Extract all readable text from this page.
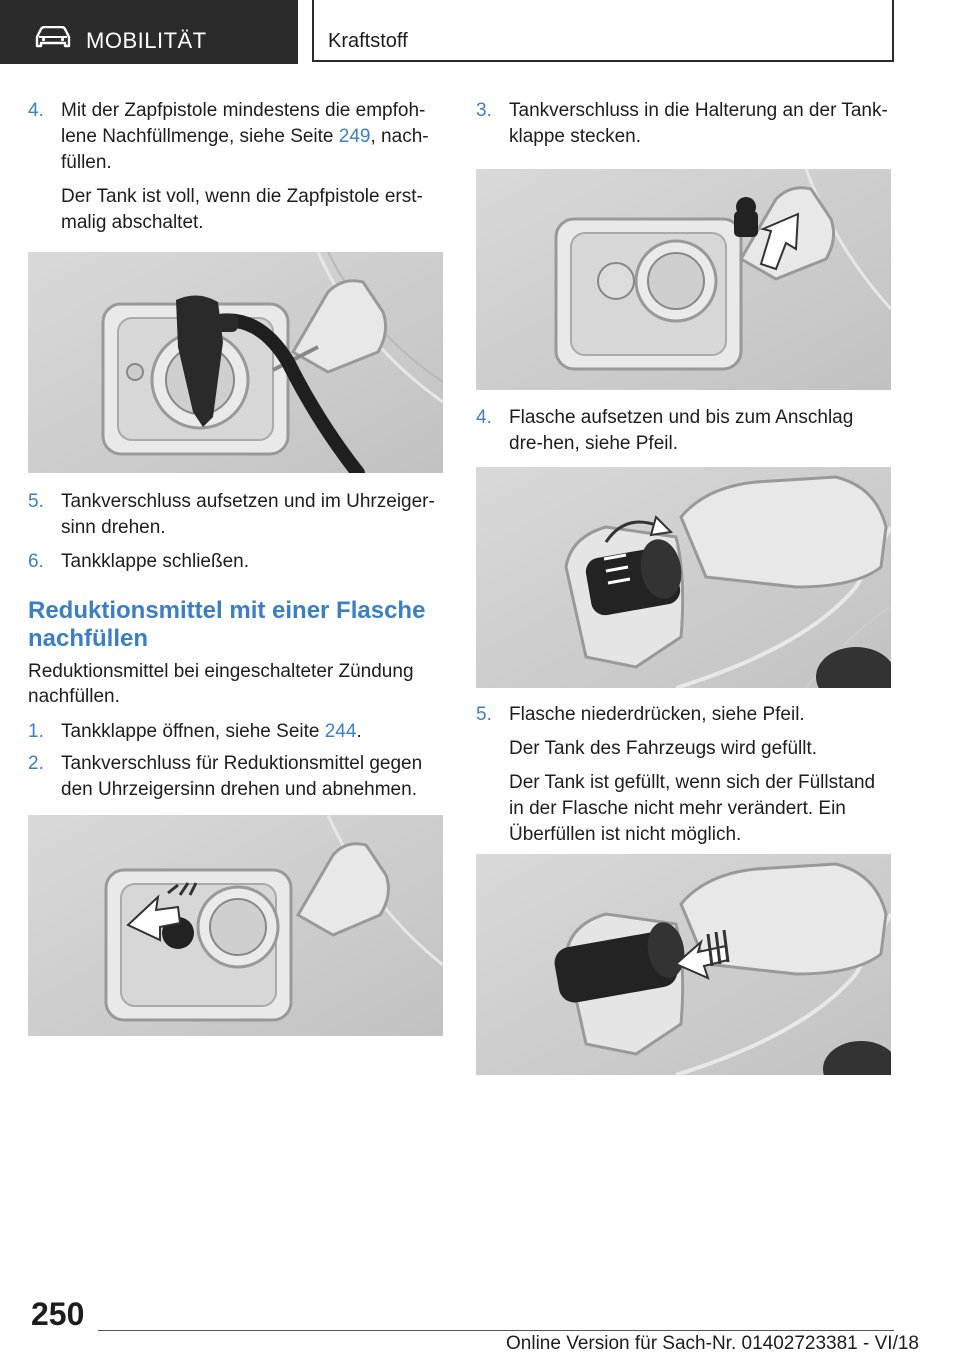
MOBILITÄT	Kraftstoff

4. Mit der Zapfpistole mindestens die empfoh-lene Nachfüllmenge, siehe Seite 249, nach-füllen.

Der Tank ist voll, wenn die Zapfpistole erst-malig abschaltet.

5. Tankverschluss aufsetzen und im Uhrzeiger-sinn drehen.

6. Tankklappe schließen.

Reduktionsmittel mit einer Flasche nachfüllen

Reduktionsmittel bei eingeschalteter Zündung nachfüllen.

1. Tankklappe öffnen, siehe Seite 244.

2. Tankverschluss für Reduktionsmittel gegen den Uhrzeigersinn drehen und abnehmen.

3. Tankverschluss in die Halterung an der Tank-klappe stecken.

4. Flasche aufsetzen und bis zum Anschlag dre-hen, siehe Pfeil.

5. Flasche niederdrücken, siehe Pfeil.

Der Tank des Fahrzeugs wird gefüllt.

Der Tank ist gefüllt, wenn sich der Füllstand in der Flasche nicht mehr verändert. Ein Überfüllen ist nicht möglich.

250
Online Version für Sach-Nr. 01402723381 - VI/18
